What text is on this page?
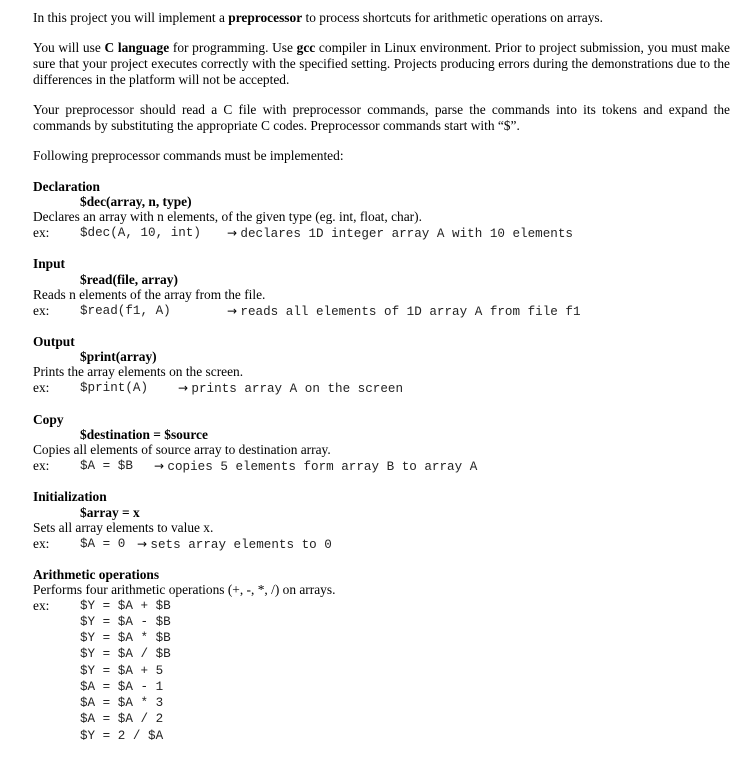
In this project you will implement a preprocessor to process shortcuts for arithmetic operations on arrays.
You will use C language for programming. Use gcc compiler in Linux environment. Prior to project submission, you must make sure that your project executes correctly with the specified setting. Projects producing errors during the demonstrations due to the differences in the platform will not be accepted.
Your preprocessor should read a C file with preprocessor commands, parse the commands into its tokens and expand the commands by substituting the appropriate C codes. Preprocessor commands start with “$”.
Following preprocessor commands must be implemented:
Declaration
$dec(array, n, type)
Declares an array with n elements, of the given type (eg. int, float, char).
ex: $dec(A, 10, int) → declares 1D integer array A with 10 elements
Input
$read(file, array)
Reads n elements of the array from the file.
ex: $read(f1, A)	→ reads all elements of 1D array A from file f1
Output
$print(array)
Prints the array elements on the screen.
ex: $print(A) → prints array A on the screen
Copy
$destination = $source
Copies all elements of source array to destination array.
ex: $A = $B → copies 5 elements form array B to array A
Initialization
$array = x
Sets all array elements to value x.
ex: $A = 0 → sets array elements to 0
Arithmetic operations
Performs four arithmetic operations (+, -, *, /) on arrays.
ex: $Y = $A + $B
$Y = $A - $B
$Y = $A * $B
$Y = $A / $B
$Y = $A + 5
$A = $A - 1
$A = $A * 3
$A = $A / 2
$Y = 2 / $A
